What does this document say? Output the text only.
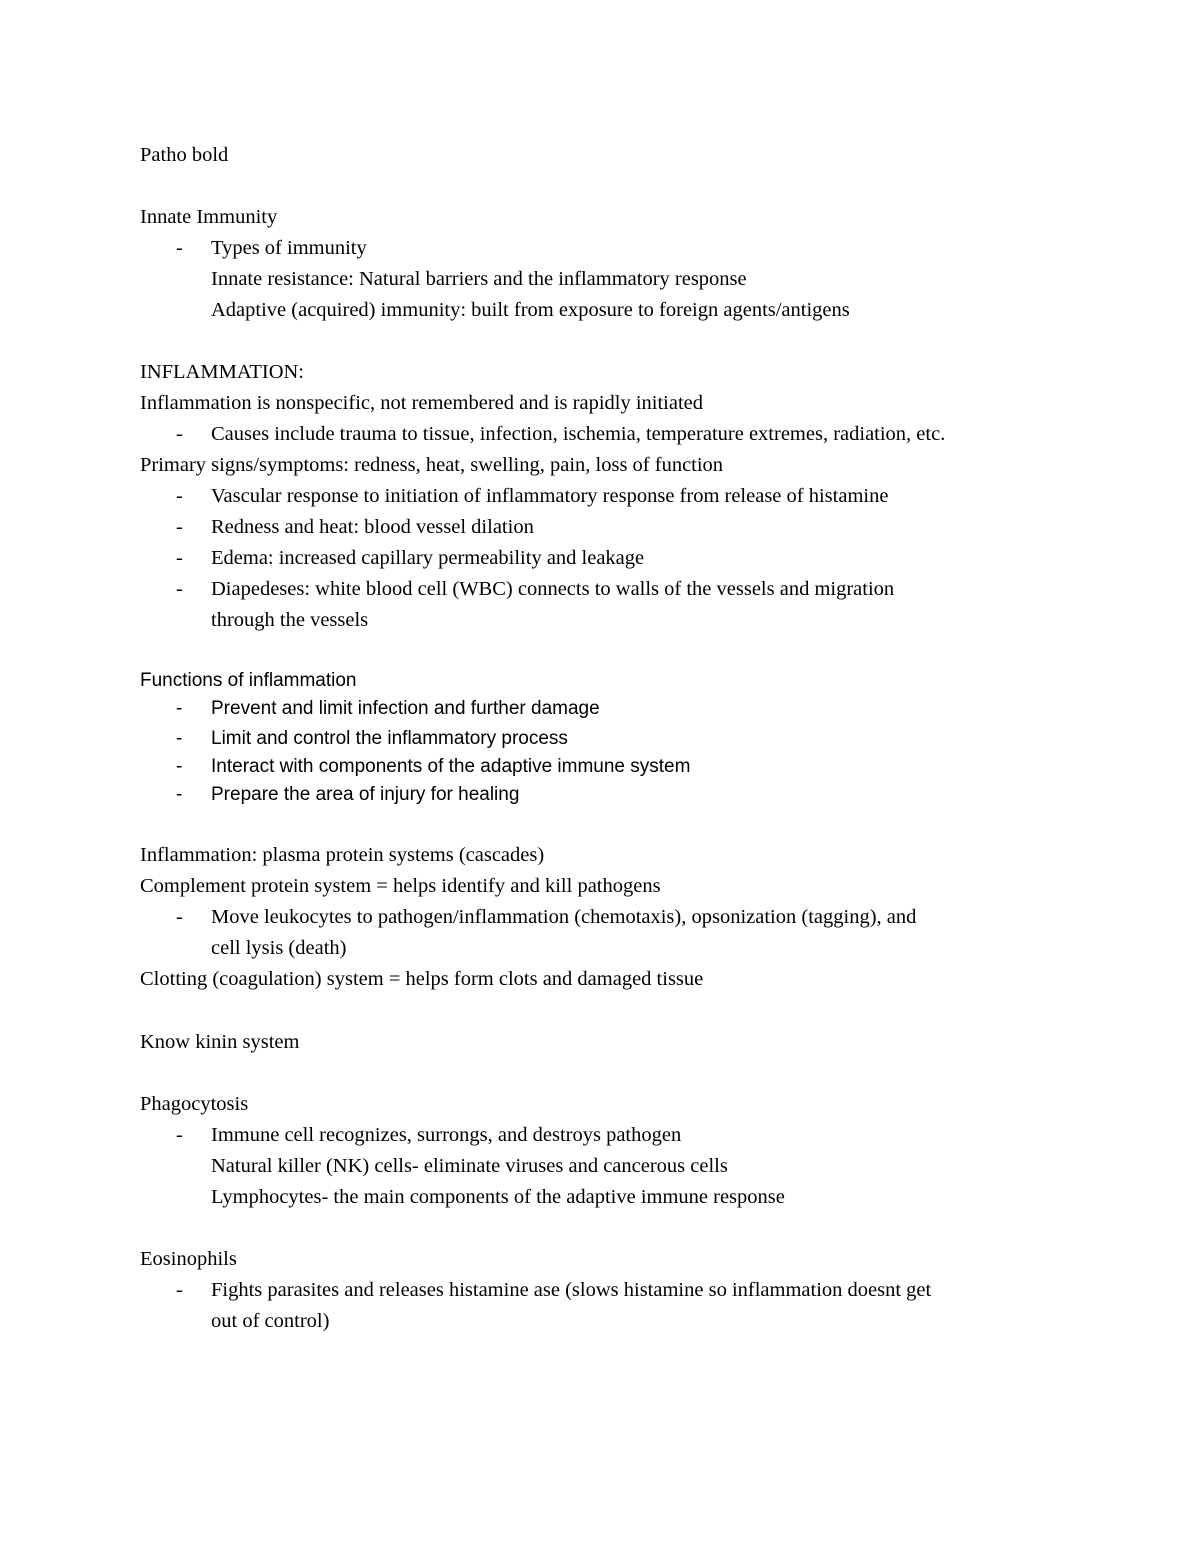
Patho bold
Innate Immunity
- Types of immunity
Innate resistance: Natural barriers and the inflammatory response
Adaptive (acquired) immunity: built from exposure to foreign agents/antigens
INFLAMMATION:
Inflammation is nonspecific, not remembered and is rapidly initiated
- Causes include trauma to tissue, infection, ischemia, temperature extremes, radiation, etc.
Primary signs/symptoms: redness, heat, swelling, pain, loss of function
- Vascular response to initiation of inflammatory response from release of histamine
- Redness and heat: blood vessel dilation
- Edema: increased capillary permeability and leakage
- Diapedeses: white blood cell (WBC) connects to walls of the vessels and migration
through the vessels
Functions of inflammation
- Prevent and limit infection and further damage
- Limit and control the inflammatory process
- Interact with components of the adaptive immune system
- Prepare the area of injury for healing
Inflammation: plasma protein systems (cascades)
Complement protein system = helps identify and kill pathogens
- Move leukocytes to pathogen/inflammation (chemotaxis), opsonization (tagging), and
cell lysis (death)
Clotting (coagulation) system = helps form clots and damaged tissue
Know kinin system
Phagocytosis
- Immune cell recognizes, surrongs, and destroys pathogen
Natural killer (NK) cells- eliminate viruses and cancerous cells
Lymphocytes- the main components of the adaptive immune response
Eosinophils
- Fights parasites and releases histamine ase (slows histamine so inflammation doesnt get
out of control)
